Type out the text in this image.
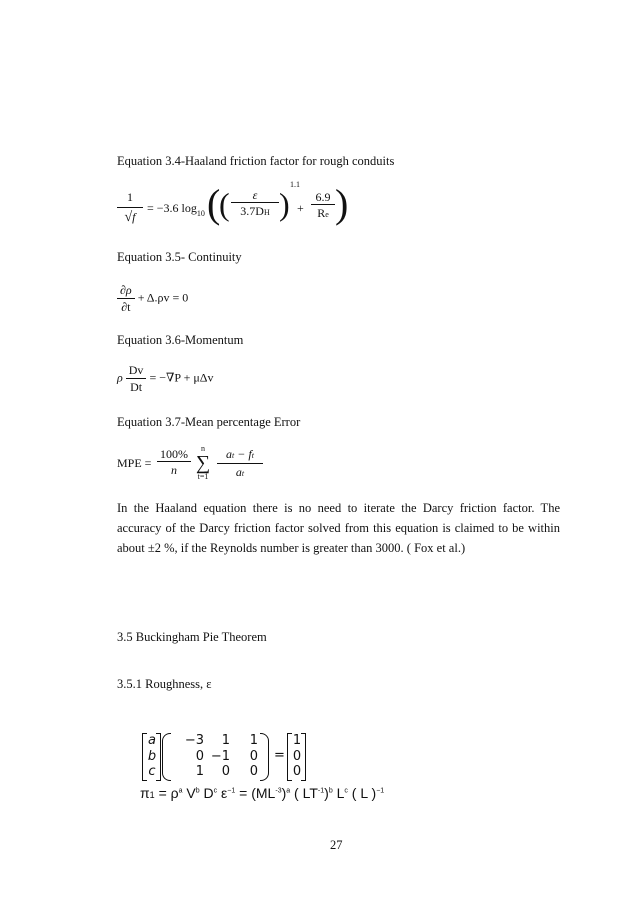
Equation 3.4-Haaland friction factor for rough conduits
1
√f
= −3.6 $\log_{10}$ (
(	ε
3.7DH )
1.1
+
6.9
Re )
Equation 3.5- Continuity
$\frac{\partial\rho}{\partial t} + \Delta.\rho v = 0$
Equation 3.6-Momentum
ρ $\frac{Dv}{Dt} = -\nabla P + \mu\Delta v$
Equation 3.7-Mean percentage Error
MPE =
100%
n
n
∑
t=1
at − ft
at
In the Haaland equation there is no need to iterate the Darcy friction factor. The accuracy of the Darcy friction factor solved from this equation is claimed to be within about ±2 %, if the Reynolds number is greater than 3000. ( Fox et al.)
3.5 Buckingham Pie Theorem
3.5.1 Roughness, ε
a
b
c
−3	1	1
0 −1	0
1	0	0
=
1
0
0
$\pi 1 = \rho^a$ $V^b$ $D^c$ $\varepsilon^{-1} = (ML^{-3})^a$ ( $LT^{-1})^b$ $L^c$ ( L )$^{-1}$
27
